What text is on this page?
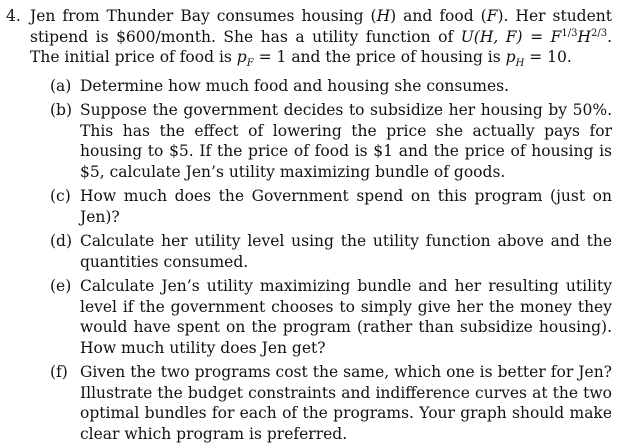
4. Jen from Thunder Bay consumes housing (H) and food (F). Her student stipend is $600/month. She has a utility function of U(H, $F) = F^{1/3}H^{2/3}$. The initial price of food is $p_F = 1$ and the price of housing is $p_H = 10$.
(a) Determine how much food and housing she consumes.
(b) Suppose the government decides to subsidize her housing by 50%. This has the effect of lowering the price she actually pays for housing to $5. If the price of food is $1 and the price of housing is $5, calculate Jen’s utility maximizing bundle of goods.
(c) How much does the Government spend on this program (just on Jen)?
(d) Calculate her utility level using the utility function above and the quantities consumed.
(e) Calculate Jen’s utility maximizing bundle and her resulting utility level if the government chooses to simply give her the money they would have spent on the program (rather than subsidize housing). How much utility does Jen get?
(f) Given the two programs cost the same, which one is better for Jen? Illustrate the budget constraints and indifference curves at the two optimal bundles for each of the programs. Your graph should make clear which program is preferred.
